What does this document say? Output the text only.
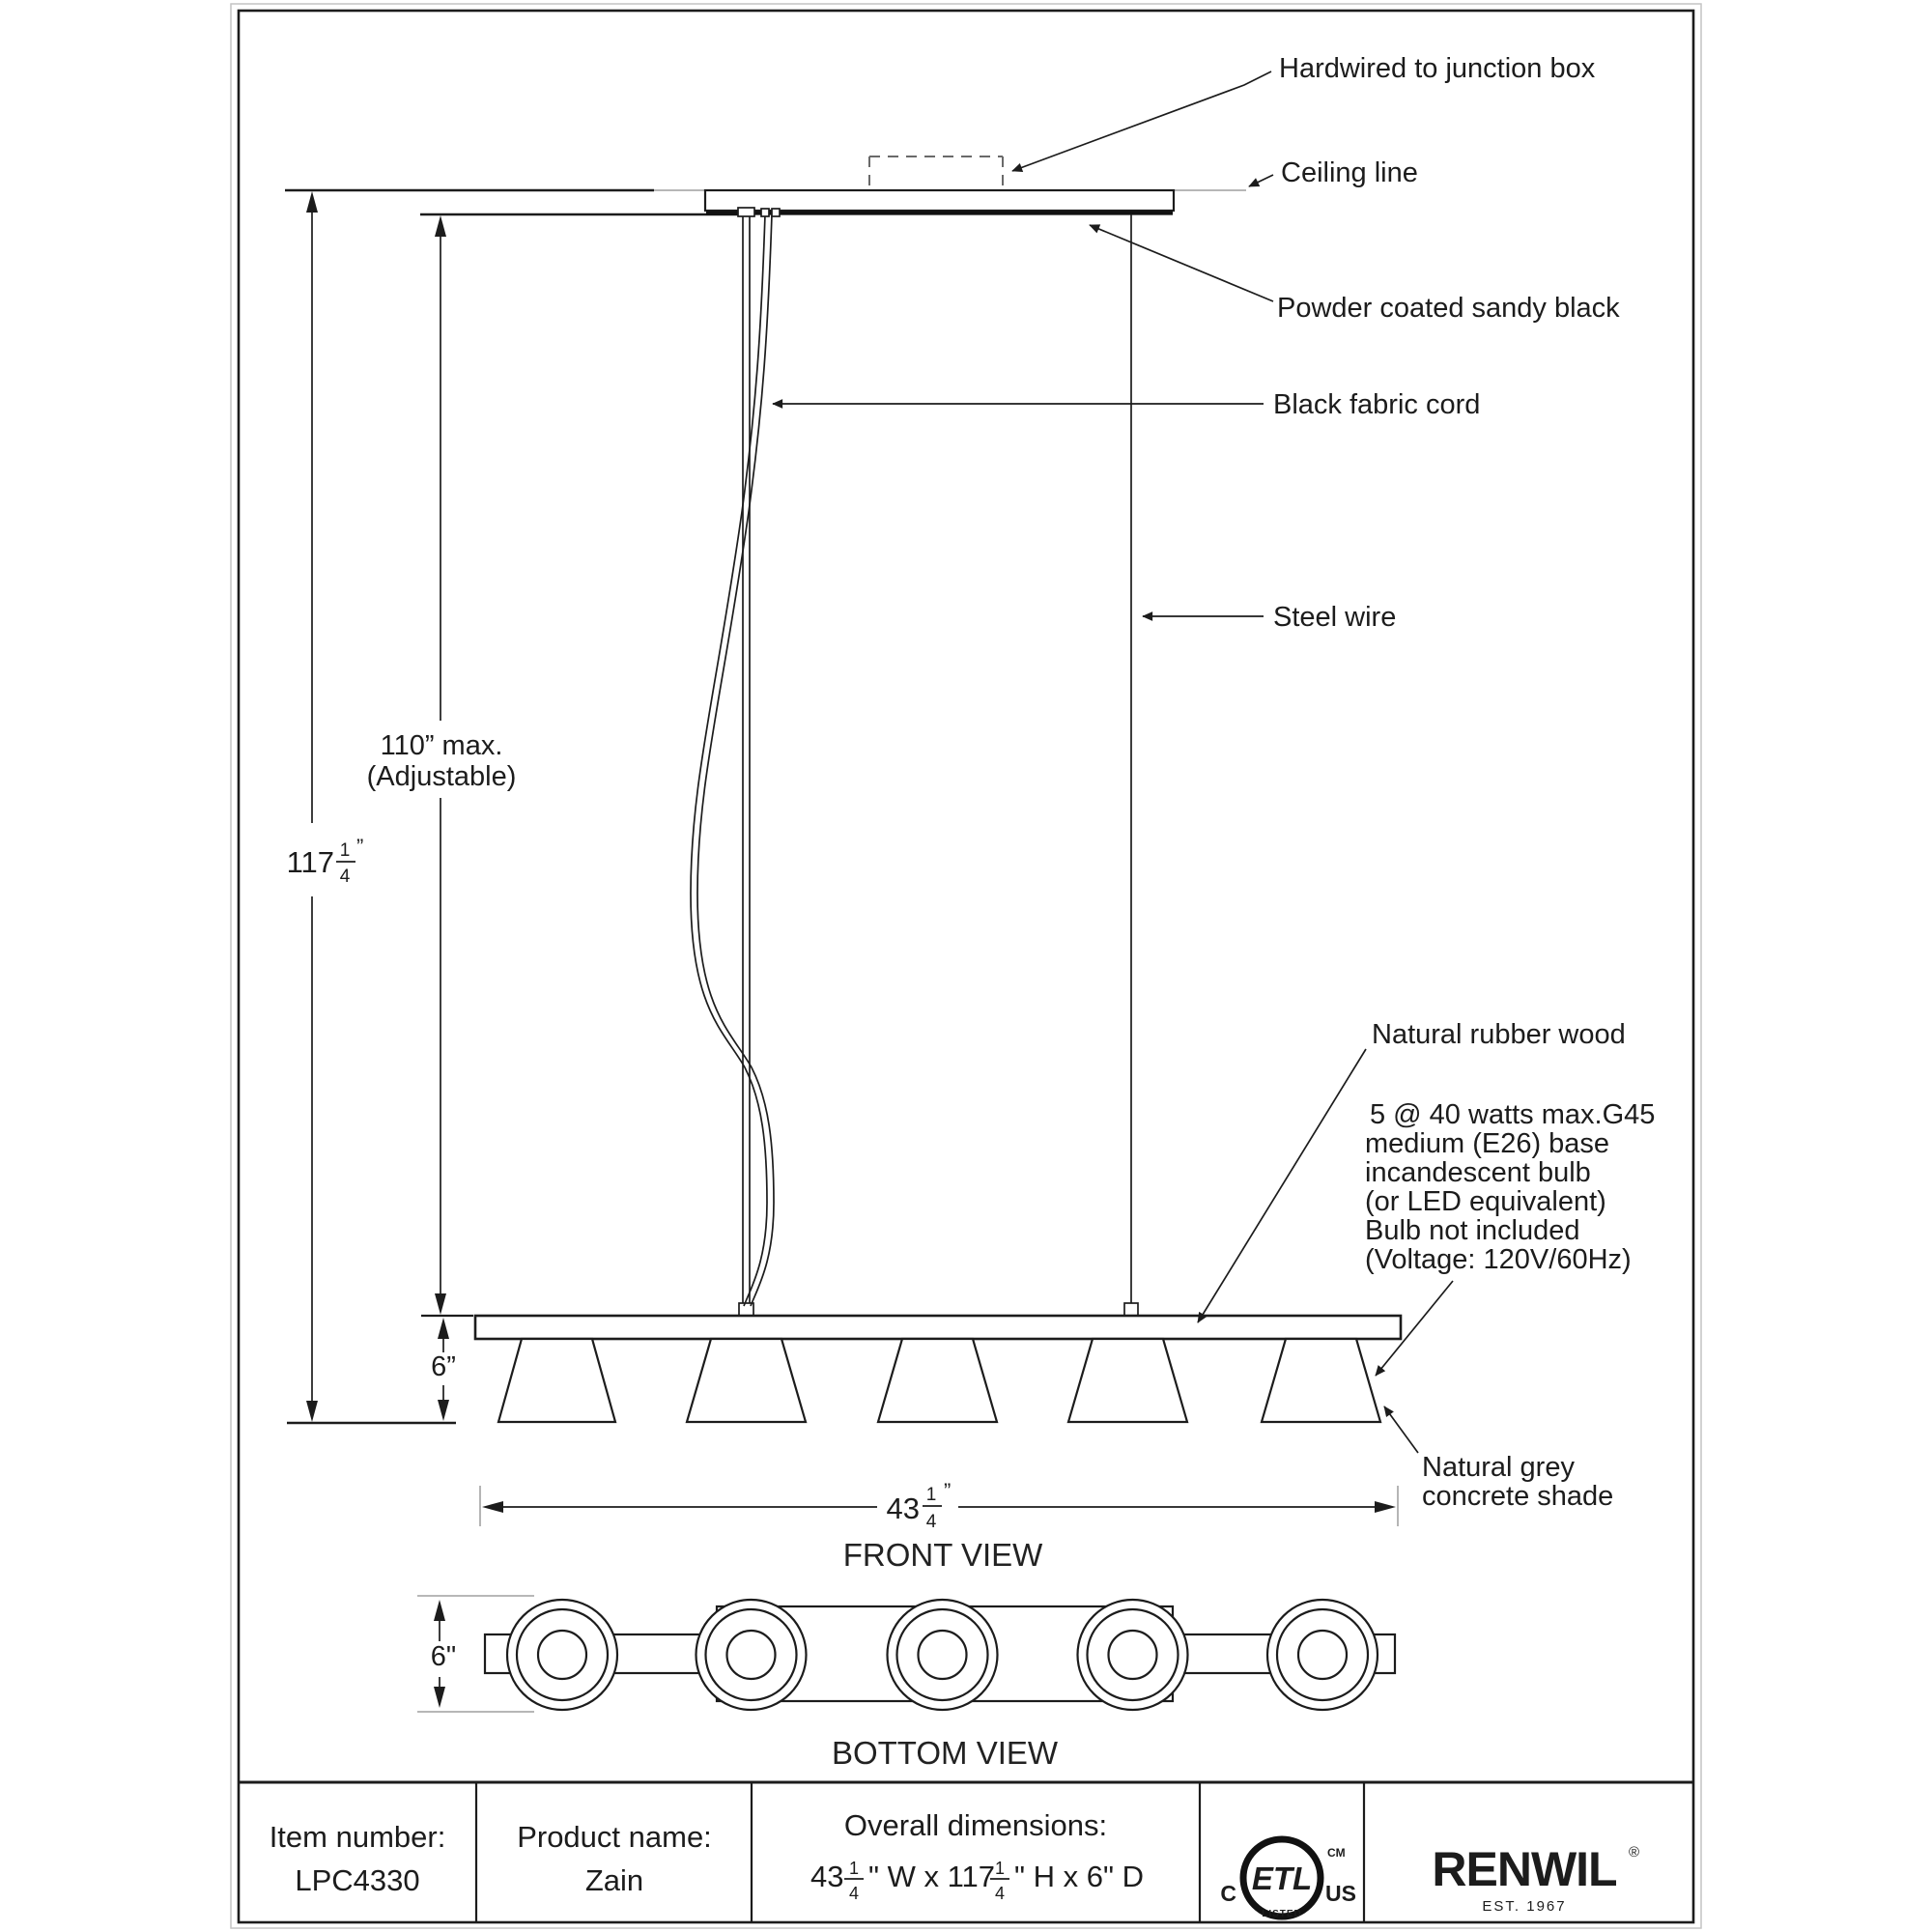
117 1
4
”
110” max.
(Adjustable)
6”
43 1
4
”
Hardwired to junction box
Ceiling line
Powder coated sandy black
Black fabric cord
Steel wire
Natural rubber wood
5 @ 40 watts max.G45
medium (E26) base
incandescent bulb
(or LED equivalent)
Bulb not included
(Voltage: 120V/60Hz)
Natural grey
concrete shade
FRONT VIEW
6"
BOTTOM VIEW
Item number:
LPC4330
Product name:
Zain
Overall dimensions:
43 1
4 " W x 117 1
4 " H x 6" D	ETL
CM
C	US
LISTED
RENWIL ®
EST. 1967
